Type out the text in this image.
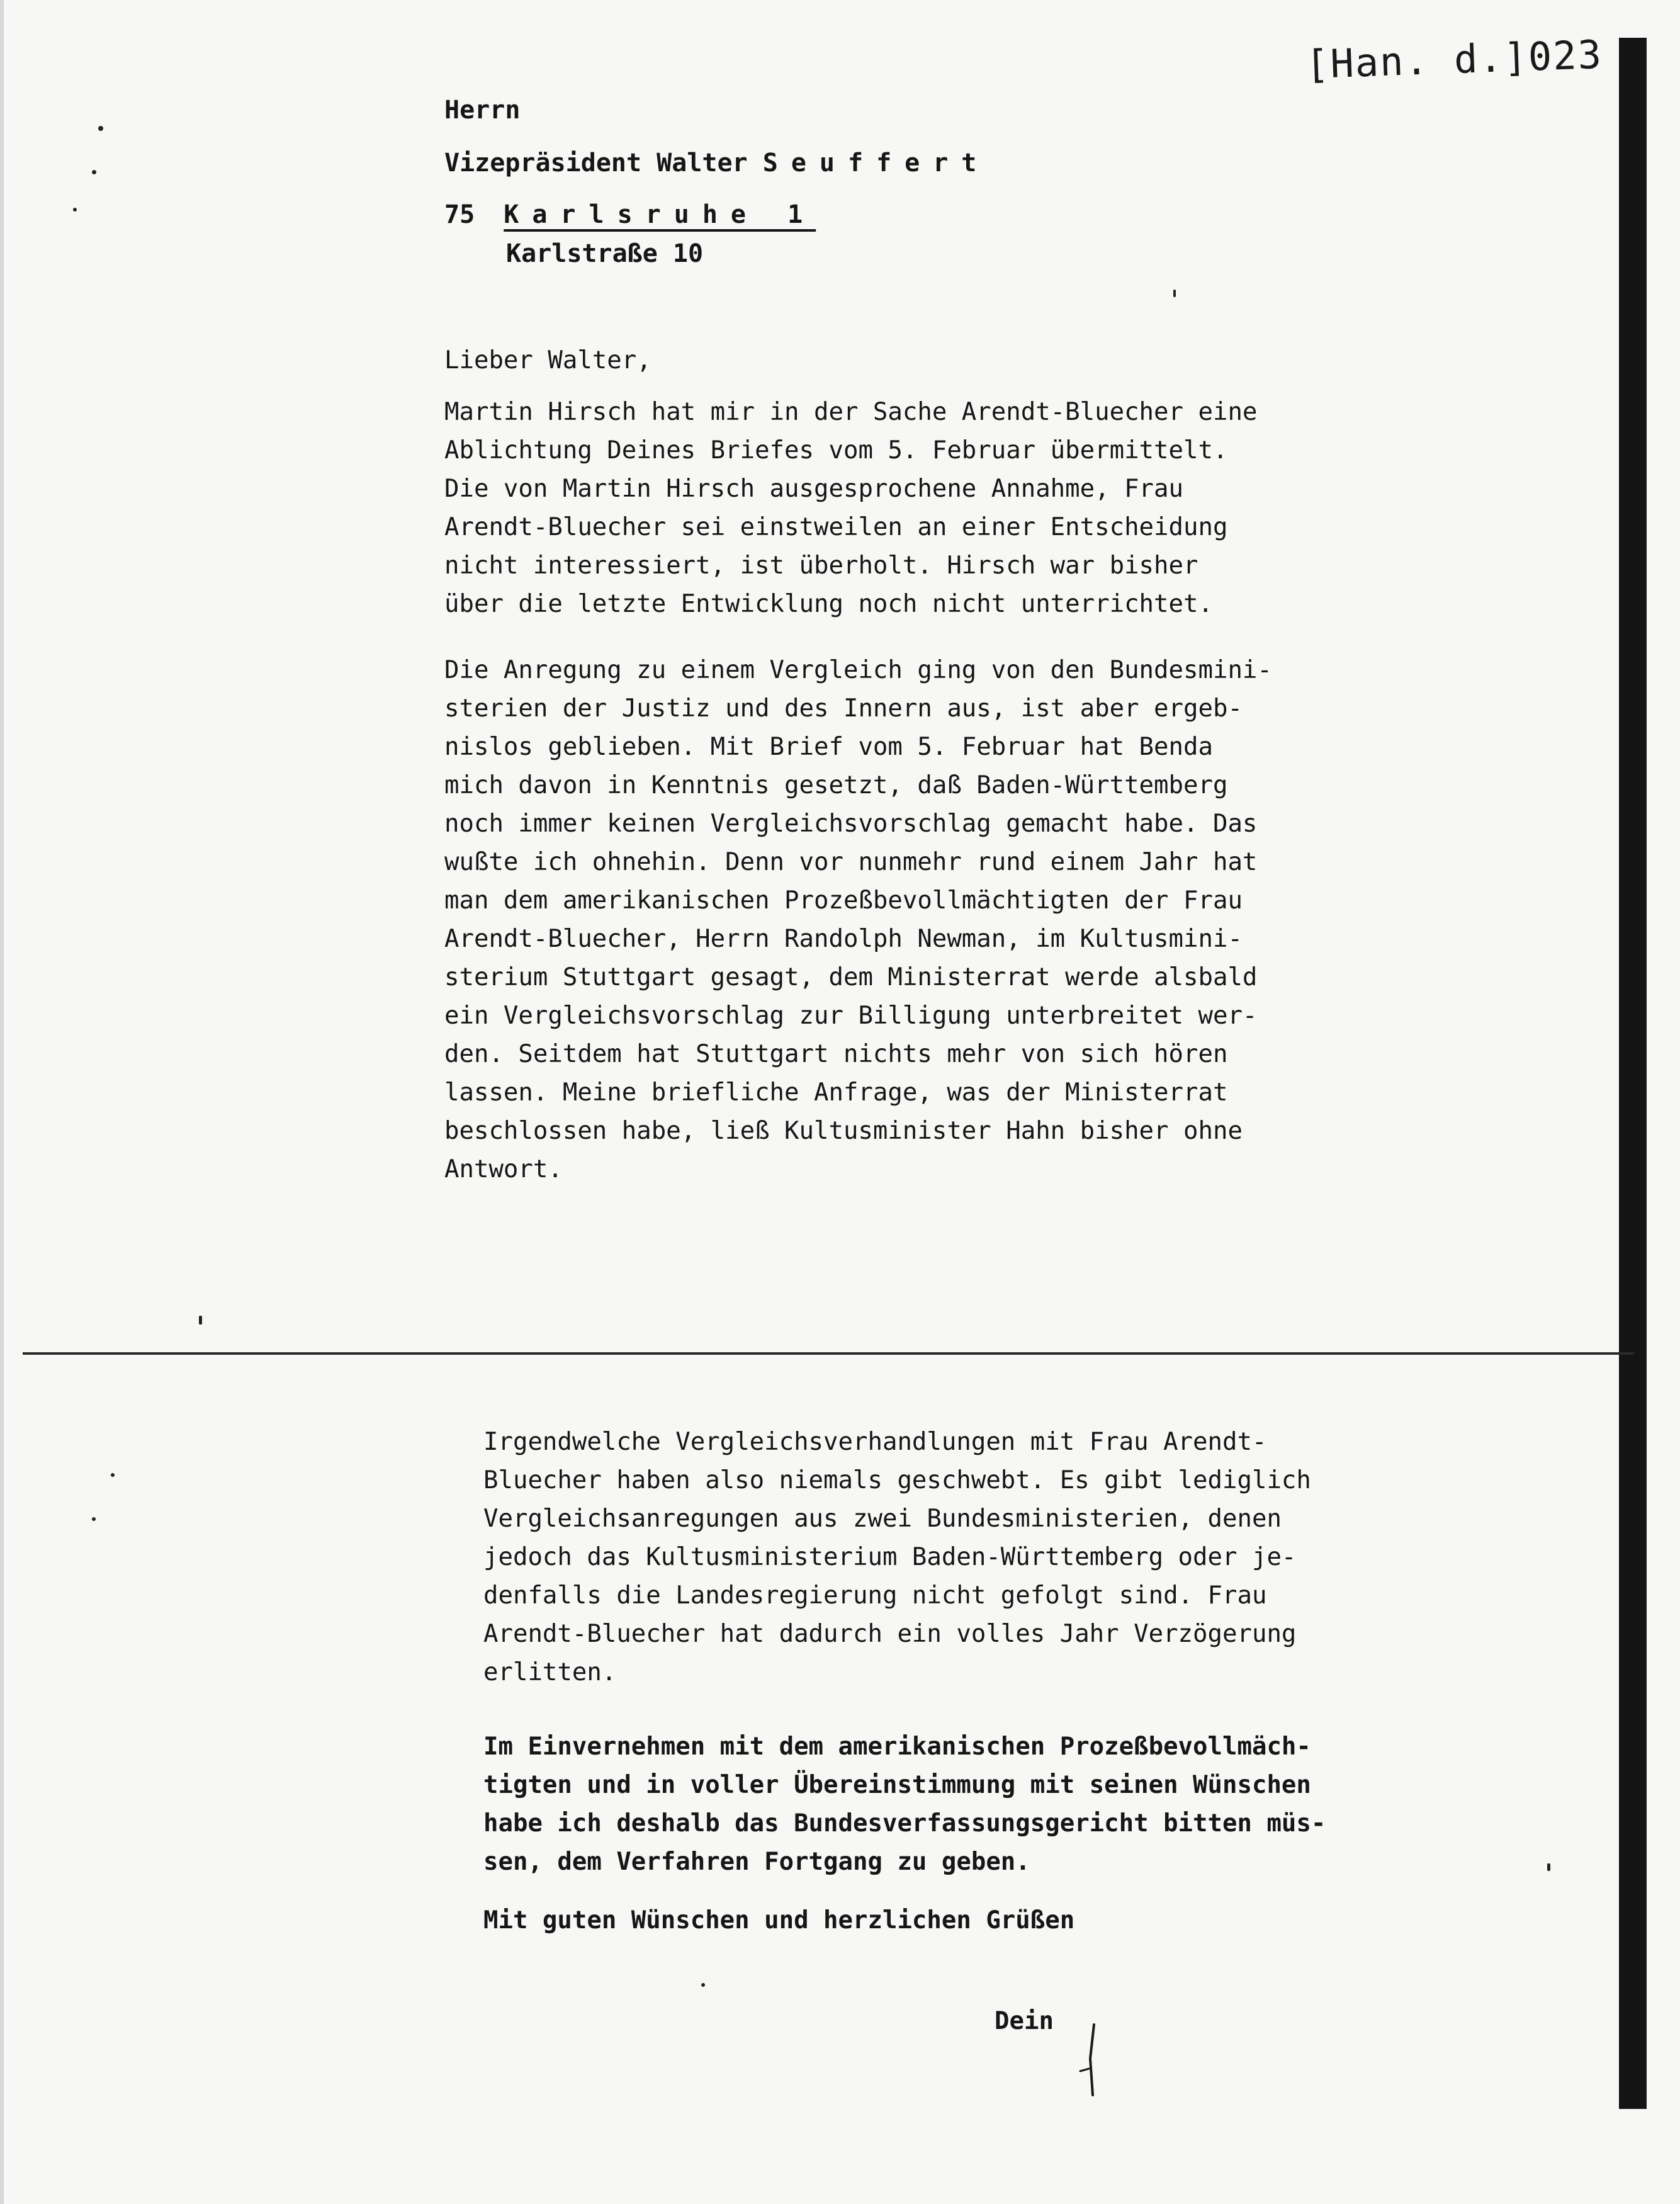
[Han. d.]023
Herrn
Vizepräsident Walter Seuffert
75 Karlsruhe 1
Karlstraße 10
Lieber Walter,
Martin Hirsch hat mir in der Sache Arendt-Bluecher eine
Ablichtung Deines Briefes vom 5. Februar übermittelt.
Die von Martin Hirsch ausgesprochene Annahme, Frau
Arendt-Bluecher sei einstweilen an einer Entscheidung
nicht interessiert, ist überholt. Hirsch war bisher
über die letzte Entwicklung noch nicht unterrichtet.
Die Anregung zu einem Vergleich ging von den Bundesmini-
sterien der Justiz und des Innern aus, ist aber ergeb-
nislos geblieben. Mit Brief vom 5. Februar hat Benda
mich davon in Kenntnis gesetzt, daß Baden-Württemberg
noch immer keinen Vergleichsvorschlag gemacht habe. Das
wußte ich ohnehin. Denn vor nunmehr rund einem Jahr hat
man dem amerikanischen Prozeßbevollmächtigten der Frau
Arendt-Bluecher, Herrn Randolph Newman, im Kultusmini-
sterium Stuttgart gesagt, dem Ministerrat werde alsbald
ein Vergleichsvorschlag zur Billigung unterbreitet wer-
den. Seitdem hat Stuttgart nichts mehr von sich hören
lassen. Meine briefliche Anfrage, was der Ministerrat
beschlossen habe, ließ Kultusminister Hahn bisher ohne
Antwort.
Irgendwelche Vergleichsverhandlungen mit Frau Arendt-
Bluecher haben also niemals geschwebt. Es gibt lediglich
Vergleichsanregungen aus zwei Bundesministerien, denen
jedoch das Kultusministerium Baden-Württemberg oder je-
denfalls die Landesregierung nicht gefolgt sind. Frau
Arendt-Bluecher hat dadurch ein volles Jahr Verzögerung
erlitten.
Im Einvernehmen mit dem amerikanischen Prozeßbevollmäch-
tigten und in voller Übereinstimmung mit seinen Wünschen
habe ich deshalb das Bundesverfassungsgericht bitten müs-
sen, dem Verfahren Fortgang zu geben.
Mit guten Wünschen und herzlichen Grüßen
Dein
